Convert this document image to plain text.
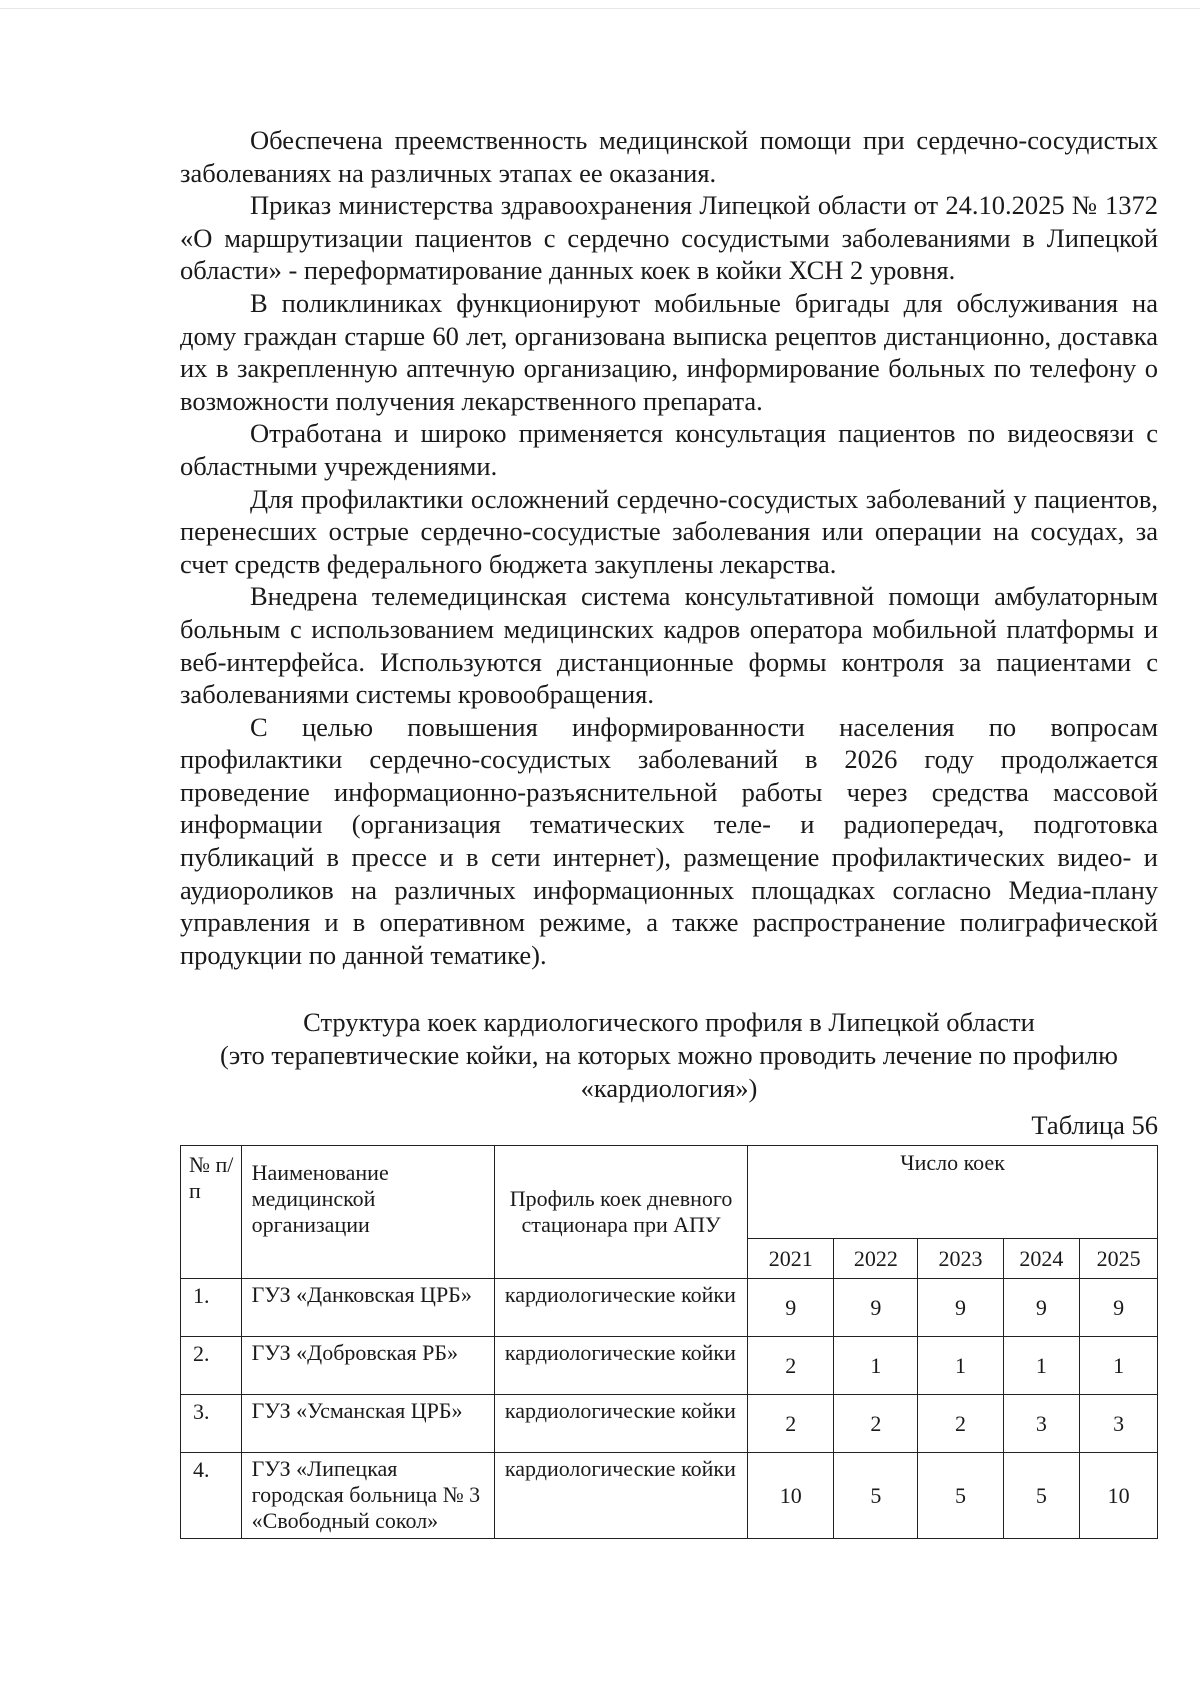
Обеспечена преемственность медицинской помощи при сердечно-сосудистых заболеваниях на различных этапах ее оказания.

Приказ министерства здравоохранения Липецкой области от 24.10.2025 № 1372 «О маршрутизации пациентов с сердечно сосудистыми заболеваниями в Липецкой области» - переформатирование данных коек в койки ХСН 2 уровня.

В поликлиниках функционируют мобильные бригады для обслуживания на дому граждан старше 60 лет, организована выписка рецептов дистанционно, доставка их в закрепленную аптечную организацию, информирование больных по телефону о возможности получения лекарственного препарата.

Отработана и широко применяется консультация пациентов по видеосвязи с областными учреждениями.

Для профилактики осложнений сердечно-сосудистых заболеваний у пациентов, перенесших острые сердечно-сосудистые заболевания или операции на сосудах, за счет средств федерального бюджета закуплены лекарства.

Внедрена телемедицинская система консультативной помощи амбулаторным больным с использованием медицинских кадров оператора мобильной платформы и веб-интерфейса. Используются дистанционные формы контроля за пациентами с заболеваниями системы кровообращения.

С целью повышения информированности населения по вопросам профилактики сердечно-сосудистых заболеваний в 2026 году продолжается проведение информационно-разъяснительной работы через средства массовой информации (организация тематических теле- и радиопередач, подготовка публикаций в прессе и в сети интернет), размещение профилактических видео- и аудиороликов на различных информационных площадках согласно Медиа-плану управления и в оперативном режиме, а также распространение полиграфической продукции по данной тематике).

Структура коек кардиологического профиля в Липецкой области
(это терапевтические койки, на которых можно проводить лечение по профилю
«кардиология»)
Таблица 56
№ п/п	Наименование медицинской организации	Профиль коек дневного стационара при АПУ	Число коек				
			2021	2022	2023	2024	2025
1.	ГУЗ «Данковская ЦРБ»	кардиологические койки	9	9	9	9	9
2.	ГУЗ «Добровская РБ»	кардиологические койки	2	1	1	1	1
3.	ГУЗ «Усманская ЦРБ»	кардиологические койки	2	2	2	3	3
4.	ГУЗ «Липецкая городская больница № 3 «Свободный сокол»	кардиологические койки	10	5	5	5	10
